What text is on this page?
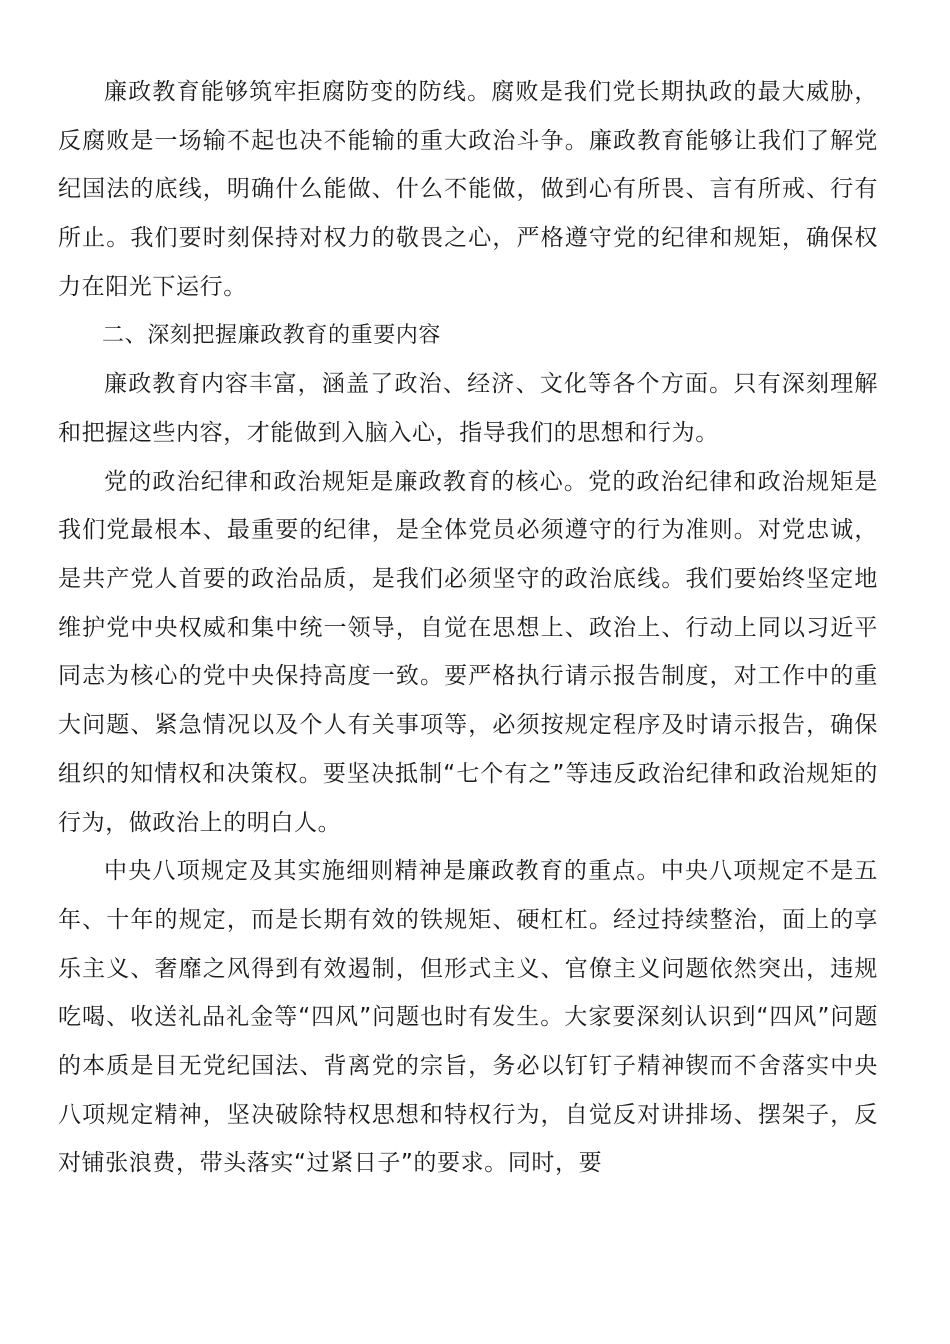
廉政教育能够筑牢拒腐防变的防线。腐败是我们党长期执政的最大威胁，反腐败是一场输不起也决不能输的重大政治斗争。廉政教育能够让我们了解党纪国法的底线，明确什么能做、什么不能做，做到心有所畏、言有所戒、行有所止。我们要时刻保持对权力的敬畏之心，严格遵守党的纪律和规矩，确保权力在阳光下运行。

二、深刻把握廉政教育的重要内容

廉政教育内容丰富，涵盖了政治、经济、文化等各个方面。只有深刻理解和把握这些内容，才能做到入脑入心，指导我们的思想和行为。

党的政治纪律和政治规矩是廉政教育的核心。党的政治纪律和政治规矩是我们党最根本、最重要的纪律，是全体党员必须遵守的行为准则。对党忠诚，是共产党人首要的政治品质，是我们必须坚守的政治底线。我们要始终坚定地维护党中央权威和集中统一领导，自觉在思想上、政治上、行动上同以习近平同志为核心的党中央保持高度一致。要严格执行请示报告制度，对工作中的重大问题、紧急情况以及个人有关事项等，必须按规定程序及时请示报告，确保组织的知情权和决策权。要坚决抵制“七个有之”等违反政治纪律和政治规矩的行为，做政治上的明白人。

中央八项规定及其实施细则精神是廉政教育的重点。中央八项规定不是五年、十年的规定，而是长期有效的铁规矩、硬杠杠。经过持续整治，面上的享乐主义、奢靡之风得到有效遏制，但形式主义、官僚主义问题依然突出，违规吃喝、收送礼品礼金等“四风”问题也时有发生。大家要深刻认识到“四风”问题的本质是目无党纪国法、背离党的宗旨，务必以钉钉子精神锲而不舍落实中央八项规定精神，坚决破除特权思想和特权行为，自觉反对讲排场、摆架子，反对铺张浪费，带头落实“过紧日子”的要求。同时，要
